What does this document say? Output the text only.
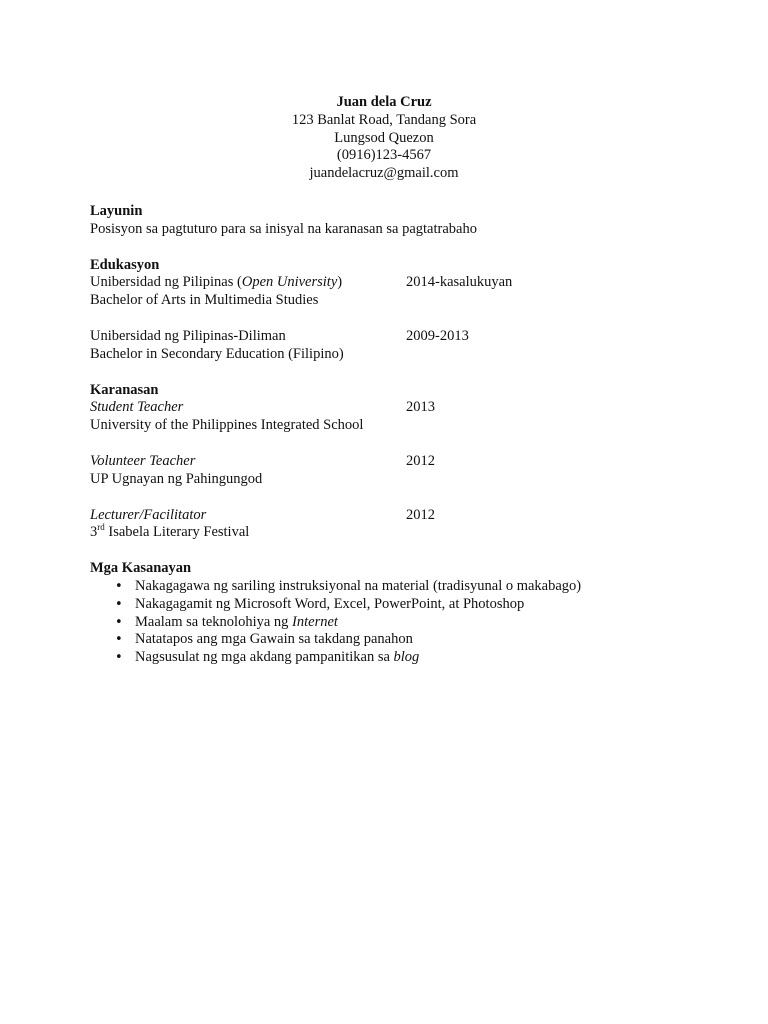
Juan dela Cruz
123 Banlat Road, Tandang Sora
Lungsod Quezon
(0916)123-4567
juandelacruz@gmail.com
Layunin
Posisyon sa pagtuturo para sa inisyal na karanasan sa pagtatrabaho
Edukasyon
Unibersidad ng Pilipinas (Open University)	2014-kasalukuyan
Bachelor of Arts in Multimedia Studies
Unibersidad ng Pilipinas-Diliman	2009-2013
Bachelor in Secondary Education (Filipino)
Karanasan
Student Teacher	2013
University of the Philippines Integrated School
Volunteer Teacher	2012
UP Ugnayan ng Pahingungod
Lecturer/Facilitator	2012
3rd Isabela Literary Festival
Mga Kasanayan
• Nakagagawa ng sariling instruksiyonal na material (tradisyunal o makabago)
• Nakagagamit ng Microsoft Word, Excel, PowerPoint, at Photoshop
• Maalam sa teknolohiya ng Internet
• Natatapos ang mga Gawain sa takdang panahon
• Nagsusulat ng mga akdang pampanitikan sa blog
